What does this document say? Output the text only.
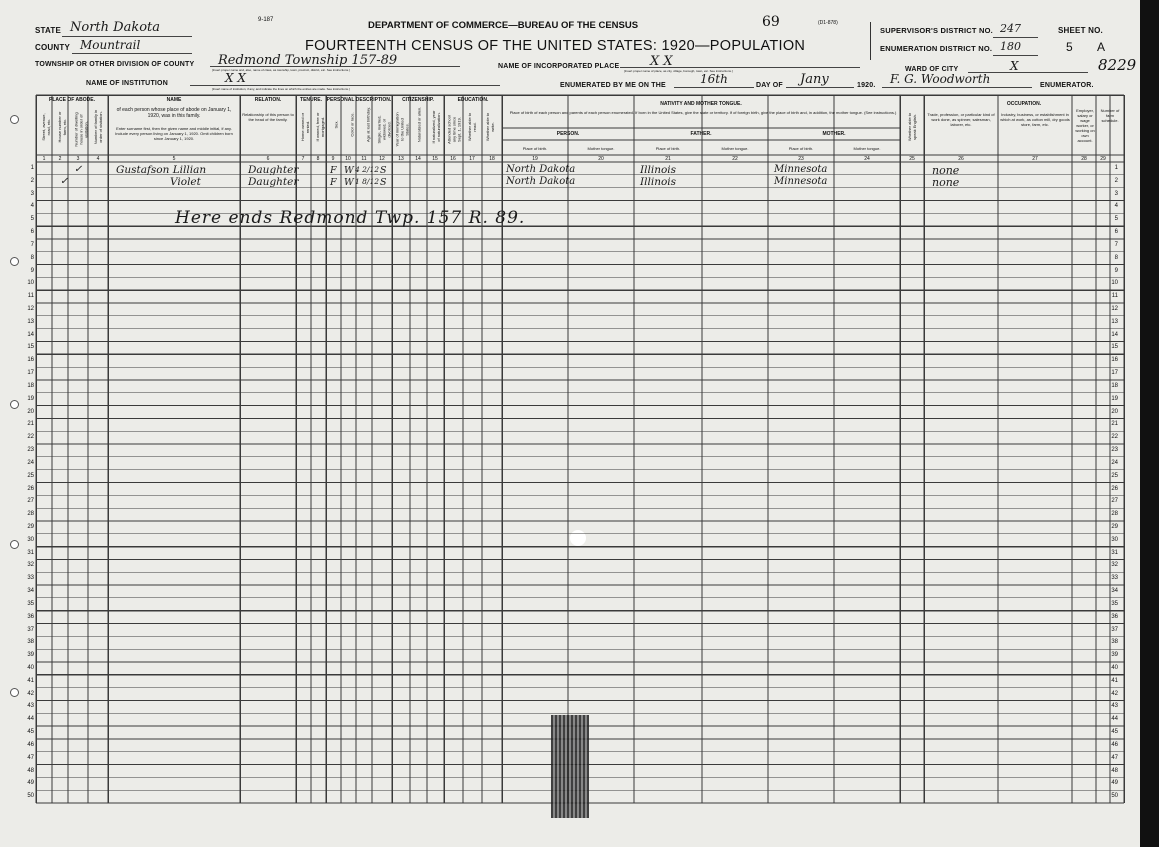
STATE North Dakota
COUNTY Mountrail
TOWNSHIP OR OTHER DIVISION OF COUNTY Redmond Township 157-89
[Insert proper name and, also, name of class, as township, town, precinct, district, etc. See instructions.]
NAME OF INSTITUTION	X X
[Insert name of institution, if any, and indicate the lines on which the entries are made. See instructions.]
9-187	DEPARTMENT OF COMMERCE—BUREAU OF THE CENSUS
FOURTEENTH CENSUS OF THE UNITED STATES: 1920—POPULATION
69	(D1-878)
NAME OF INCORPORATED PLACE X X
[Insert proper name of place, as city, village, borough, town, etc. See instructions.]
ENUMERATED BY ME ON THE	16th	DAY OF Jany	1920. F. G. Woodworth	ENUMERATOR.
SUPERVISOR'S DISTRICT NO. 247
ENUMERATION DISTRICT NO. 180
SHEET NO.
5 A
8229
WARD OF CITY	X
PLACE OF ABODE.	NAME	RELATION.	TENURE. PERSONAL DESCRIPTION.	CITIZENSHIP.	EDUCATION.
NATIVITY AND MOTHER TONGUE.
PERSON.	FATHER.	MOTHER.
OCCUPATION.
of each person whose place of abode on January 1, 1920, was in this family.
Enter surname first, then the given name and middle initial, if any. Include every person living on January 1, 1920. Omit children born since January 1, 1920.
Relationship of this person to the head of the family.
Place of birth of each person and parents of each person enumerated. If born in the United States, give the state or territory. If of foreign birth, give the place of birth and, in addition, the mother tongue. (See instructions.)
Place of birth.	Mother tongue.	Place of birth.	Mother tongue.	Place of birth.	Mother tongue.
Trade, profession, or particular kind of work done, as spinner, salesman, laborer, etc.
Industry, business, or establishment in which at work, as cotton mill, dry goods store, farm, etc.
Employer, salary or wage worker, or working on own account.
Number of farm schedule.
Street, avenue, road, etc. House number or farm, etc. Number of dwelling house in order of visitation. Number of family in order of visitation.	Home owned or rented. If owned, free or mortgaged. Sex.	Color or race.	Age at last birthday. Single, married, widowed, or divorced. Year of immigration to the United States. Naturalized or alien. If naturalized, year of naturalization. Attended school any time since Sept. 1, 1919. Whether able to read. Whether able to write.	Whether able to speak English.
1	2	3	4	5	6	7	8	9	10	11	12	13	14	15	16	17	18	19	20	21	22	23	24	25	26	27	28	29
1
2
3
4
5
6
7
8
9
10
11
12
13
14
15
16
17
18
19
20
21
22
23
24
25
26
27
28
29
30
31
32
33
34
35
36
37
38
39
40
41
42
43
44
45
46
47
48
49
50
1
2
3
4
5
6
7
8
9
10
11
12
13
14
15
16
17
18
19
20
21
22
23
24
25
26
27
28
29
30
31
32
33
34
35
36
37
38
39
40
41
42
43
44
45
46
47
48
49
50
✓	Gustafson Lillian	Daughter	F W 4 2/12 S	North Dakota	Illinois	Minnesota	none
✓	Violet	Daughter	F W 1 8/12 S	North Dakota	Illinois	Minnesota	none
Here ends Redmond Twp. 157 R. 89.
